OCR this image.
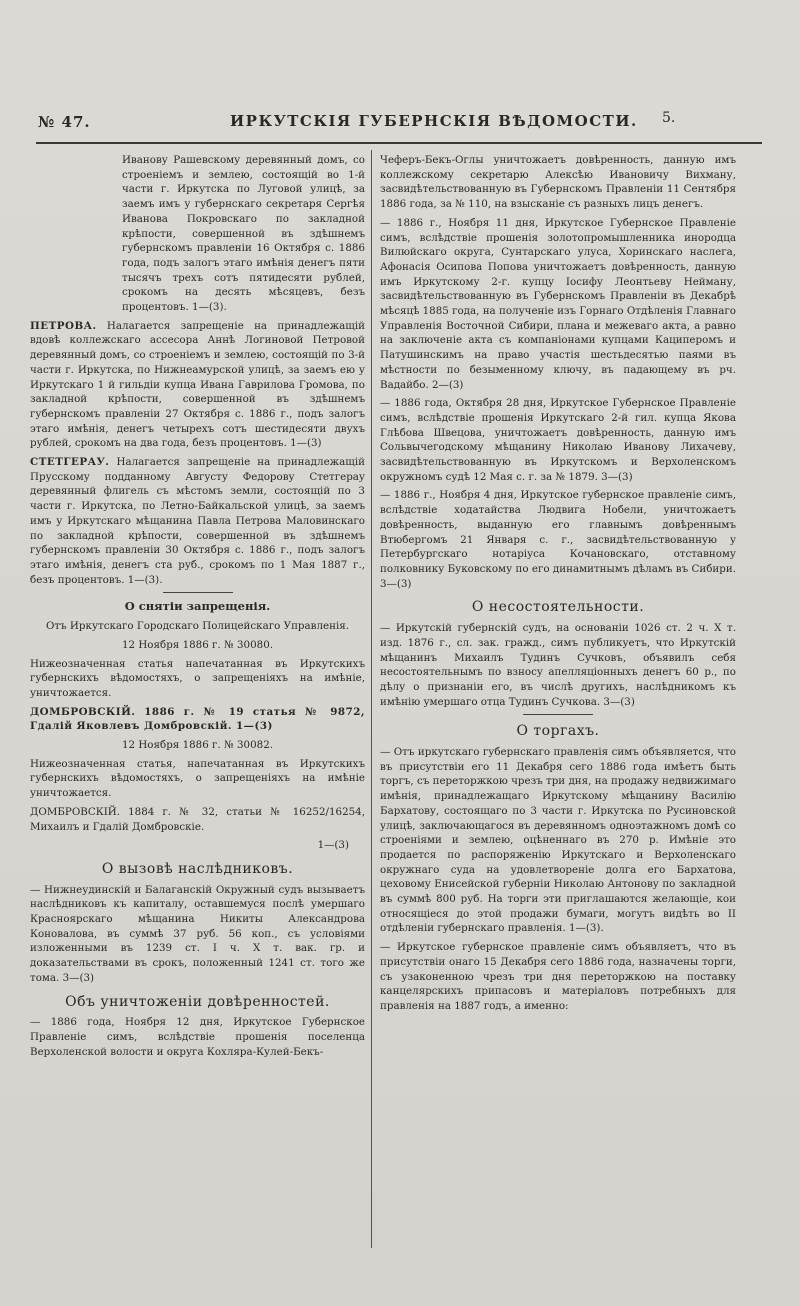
№ 47.	ИРКУТСКІЯ ГУБЕРНСКІЯ ВѢДОМОСТИ. 5.

Иванову Рашевскому деревянный домъ, со строеніемъ и землею, состоящій во 1-й части г. Иркутска по Луговой улицѣ, за заемъ имъ у губернскаго секретаря Сергѣя Иванова Покровскаго по закладной крѣпости, совершенной въ здѣшнемъ губернскомъ правленіи 16 Октября с. 1886 года, подъ залогъ этаго имѣнія денегъ пяти тысячъ трехъ сотъ пятидесяти рублей, срокомъ на десять мѣсяцевъ, безъ процентовъ. 1—(3).

ПЕТРОВА. Налагается запрещеніе на принадлежащій вдовѣ коллежскаго ассесора Аннѣ Логиновой Петровой деревянный домъ, со строеніемъ и землею, состоящій по 3-й части г. Иркутска, по Нижнеамурской улицѣ, за заемъ ею у Иркутскаго 1 й гильдіи купца Ивана Гавриловa Громова, по закладной крѣпости, совершенной въ здѣшнемъ губернскомъ правленіи 27 Октября с. 1886 г., подъ залогъ этаго имѣнія, денегъ четырехъ сотъ шестидесяти двухъ рублей, срокомъ на два года, безъ процентовъ. 1—(3)

СТЕТГЕРАУ. Налагается запрещеніе на принадлежащій Прусскому подданному Августу Федорову Стетгерау деревянный флигель съ мѣстомъ земли, состоящій по 3 части г. Иркутска, по Летно-Байкальской улицѣ, за заемъ имъ у Иркутскаго мѣщанина Павла Петрова Маловинскаго по закладной крѣпости, совершенной въ здѣшнемъ губернскомъ правленіи 30 Октября с. 1886 г., подъ залогъ этаго имѣнія, денегъ ста руб., срокомъ по 1 Мая 1887 г., безъ процентовъ. 1—(3).

О снятіи запрещенія.

Отъ Иркутскаго Городскаго Полицейскаго Управленія.

12 Ноября 1886 г. № 30080.

Нижеозначенная статья напечатанная въ Иркутскихъ губернскихъ вѣдомостяхъ, о запрещеніяхъ на имѣніе, уничтожается.

ДОМБРОВСКІЙ. 1886 г. № 19 статья № 9872, Гдалій Яковлевъ Домбровскій. 1—(3)

12 Ноября 1886 г. № 30082.

Нижеозначенная статья, напечатанная въ Иркутскихъ губернскихъ вѣдомостяхъ, о запрещеніяхъ на имѣніе уничтожается.

ДОМБРОВСКІЙ. 1884 г. № 32, статьи № 16252/16254, Михаилъ и Гдалій Домбровскіе.

1—(3)

О вызовѣ наслѣдниковъ.

— Нижнеудинскій и Балаганскій Окружный судъ вызываетъ наслѣдниковъ къ капиталу, оставшемуся послѣ умершаго Красноярскаго мѣщанина Никиты Александрова Коновалова, въ суммѣ 37 руб. 56 коп., съ условіями изложенными въ 1239 ст. I ч. X т. вак. гр. и доказательствами въ срокъ, положенный 1241 ст. того же тома. 3—(3)

Объ уничтоженіи довѣренностей.

— 1886 года, Ноября 12 дня, Иркутское Губернское Правленіе симъ, вслѣдствіе прошенія поселенца Верхоленской волости и округа Кохляра-Кулей-Бекъ-

Чеферъ-Бекъ-Оглы уничтожаетъ довѣренность, данную имъ коллежскому секретарю Алексѣю Ивановичу Вихману, засвидѣтельствованную въ Губернскомъ Правленіи 11 Сентября 1886 года, за № 110, на взысканіе съ разныхъ лицъ денегъ.

— 1886 г., Ноября 11 дня, Иркутское Губернское Правленіе симъ, вслѣдствіе прошенія золотопромышленника инородца Вилюйскаго округа, Сунтарскаго улуса, Хоринскаго наслега, Афонасія Осипова Попова уничтожаетъ довѣренность, данную имъ Иркутскому 2-г. купцу Іосифу Леонтьеву Нейману, засвидѣтельствованную въ Губернскомъ Правленіи въ Декабрѣ мѣсяцѣ 1885 года, на полученіе изъ Горнаго Отдѣленія Главнаго Управленія Восточной Сибири, плана и межеваго акта, а равно на заключеніе акта съ компаніонами купцами Кациперомъ и Патушинскимъ на право участія шестьдесятью паями въ мѣстности по безыменному ключу, въ падающему въ рч. Вадайбо. 2—(3)

— 1886 года, Октября 28 дня, Иркутское Губернское Правленіе симъ, вслѣдствіе прошенія Иркутскаго 2-й гил. купца Якова Глѣбова Швецова, уничтожаетъ довѣренность, данную имъ Сольвычегодскому мѣщанину Николаю Иванову Лихачеву, засвидѣтельствованную въ Иркутскомъ и Верхоленскомъ окружномъ судѣ 12 Мая с. г. за № 1879. 3—(3)

— 1886 г., Ноября 4 дня, Иркутское губернское правленіе симъ, вслѣдствіе ходатайства Людвига Нобели, уничтожаетъ довѣренность, выданную его главнымъ довѣреннымъ Втюбергомъ 21 Января с. г., засвидѣтельствованную у Петербургскаго нотаріуса Кочановскаго, отставному полковнику Буковскому по его динамитнымъ дѣламъ въ Сибири. 3—(3)

О несостоятельности.

— Иркутскій губернскій судъ, на основаніи 1026 ст. 2 ч. X т. изд. 1876 г., сл. зак. гражд., симъ публикуетъ, что Иркутскій мѣщанинъ Михаилъ Тудинъ Сучковъ, объявилъ себя несостоятельнымъ по взносу апелляціонныхъ денегъ 60 р., по дѣлу о признаніи его, въ числѣ другихъ, наслѣдникомъ къ имѣнію умершаго отца Тудинъ Сучкова. 3—(3)

О торгахъ.

— Отъ иркутскаго губернскаго правленія симъ объявляется, что въ присутствіи его 11 Декабря сего 1886 года имѣетъ быть торгъ, съ переторжкою чрезъ три дня, на продажу недвижимаго имѣнія, принадлежащаго Иркутскому мѣщанину Василію Бархатову, состоящаго по 3 части г. Иркутска по Русиновской улицѣ, заключающагося въ деревянномъ одноэтажномъ домѣ со строеніями и землею, оцѣненнаго въ 270 р. Имѣніе это продается по распоряженію Иркутскаго и Верхоленскаго окружнаго суда на удовлетвореніе долга его Бархатова, цеховому Енисейской губерніи Николаю Антонову по закладной въ суммѣ 800 руб. На торги эти приглашаются желающіе, кои относящіеся до этой продажи бумаги, могутъ видѣть во II отдѣленіи губернскаго правленія. 1—(3).

— Иркутское губернское правленіе симъ объявляетъ, что въ присутствіи онаго 15 Декабря сего 1886 года, назначены торги, съ узаконенною чрезъ три дня переторжкою на поставку канцелярскихъ припасовъ и матеріаловъ потребныхъ для правленія на 1887 годъ, а именно:
